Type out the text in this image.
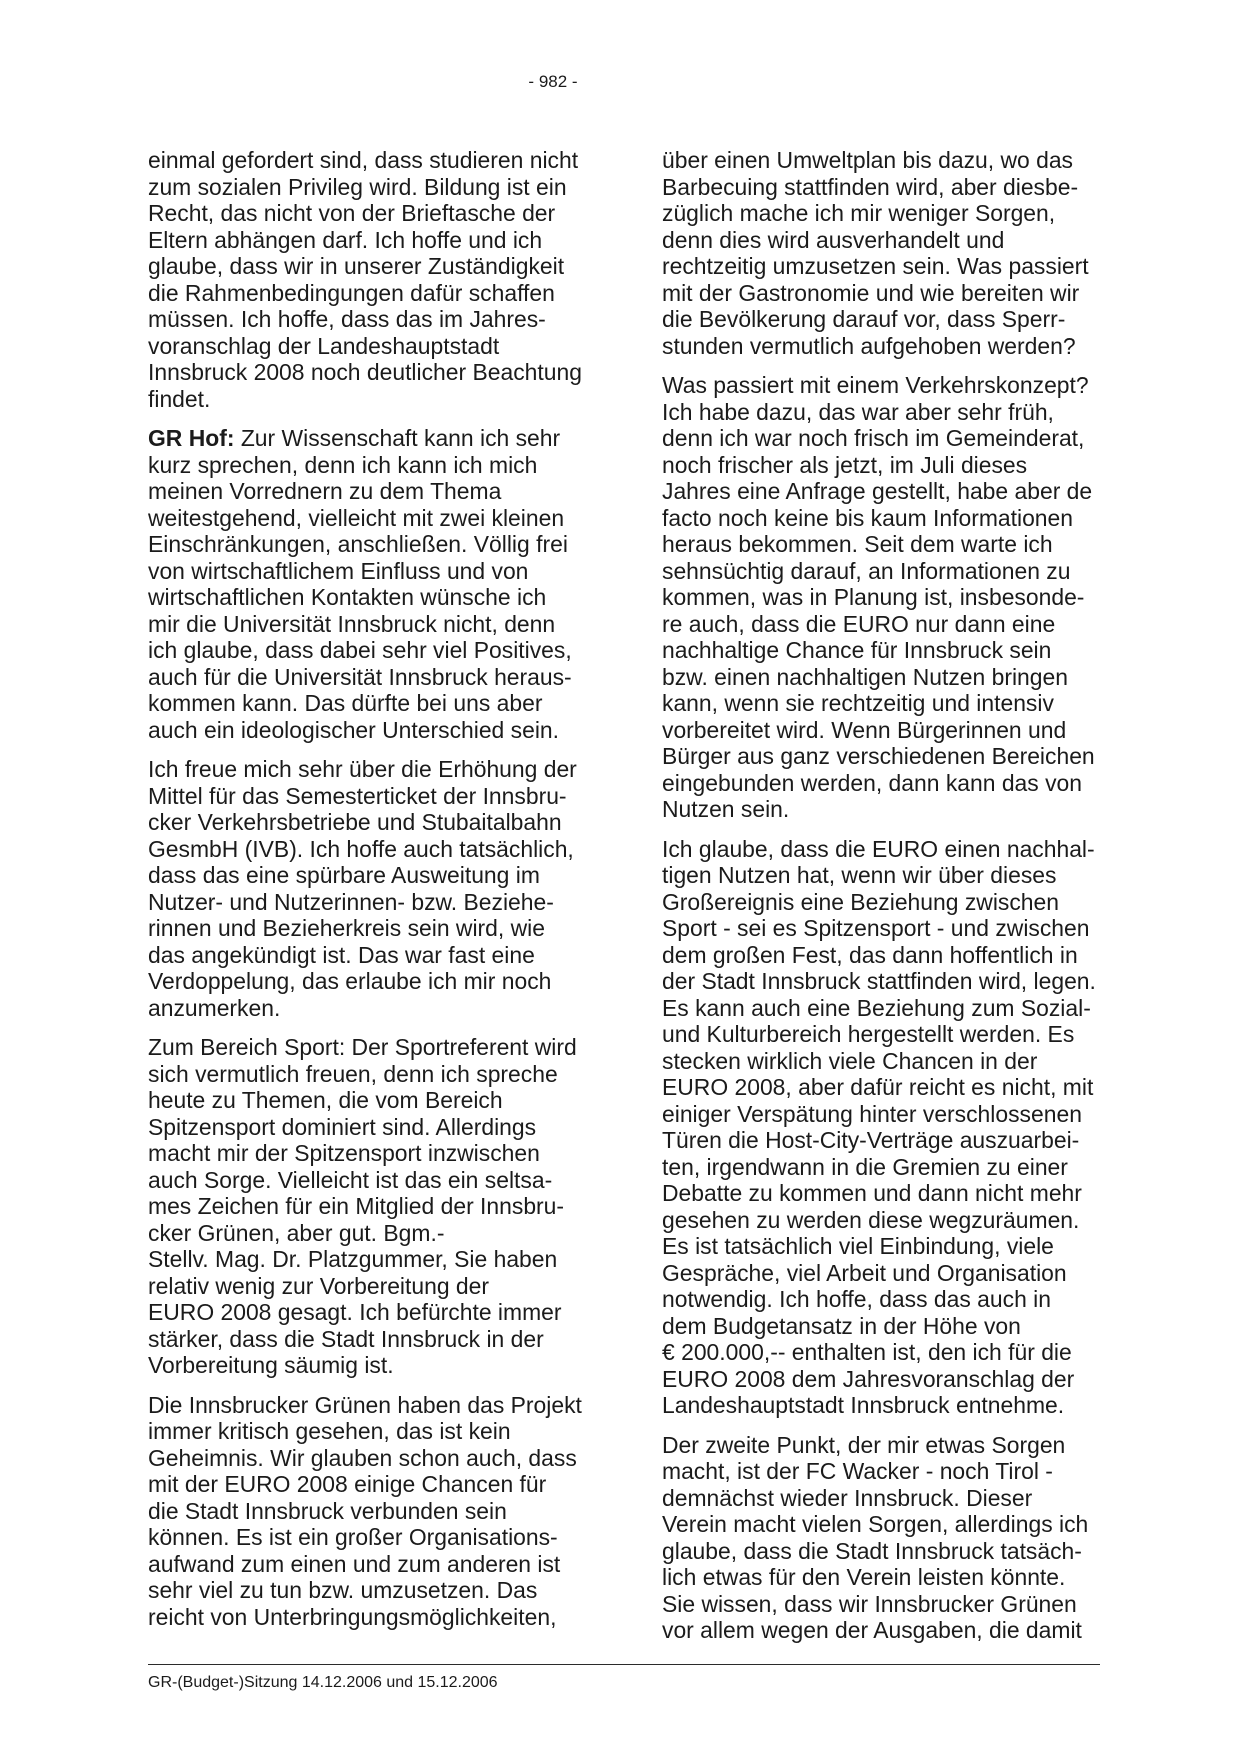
- 982 -
einmal gefordert sind, dass studieren nicht
zum sozialen Privileg wird. Bildung ist ein
Recht, das nicht von der Brieftasche der
Eltern abhängen darf. Ich hoffe und ich
glaube, dass wir in unserer Zuständigkeit
die Rahmenbedingungen dafür schaffen
müssen. Ich hoffe, dass das im Jahres-
voranschlag der Landeshauptstadt
Innsbruck 2008 noch deutlicher Beachtung
findet.
GR Hof: Zur Wissenschaft kann ich sehr
kurz sprechen, denn ich kann ich mich
meinen Vorrednern zu dem Thema
weitestgehend, vielleicht mit zwei kleinen
Einschränkungen, anschließen. Völlig frei
von wirtschaftlichem Einfluss und von
wirtschaftlichen Kontakten wünsche ich
mir die Universität Innsbruck nicht, denn
ich glaube, dass dabei sehr viel Positives,
auch für die Universität Innsbruck heraus-
kommen kann. Das dürfte bei uns aber
auch ein ideologischer Unterschied sein.
Ich freue mich sehr über die Erhöhung der
Mittel für das Semesterticket der Innsbru-
cker Verkehrsbetriebe und Stubaitalbahn
GesmbH (IVB). Ich hoffe auch tatsächlich,
dass das eine spürbare Ausweitung im
Nutzer- und Nutzerinnen- bzw. Beziehe-
rinnen und Bezieherkreis sein wird, wie
das angekündigt ist. Das war fast eine
Verdoppelung, das erlaube ich mir noch
anzumerken.
Zum Bereich Sport: Der Sportreferent wird
sich vermutlich freuen, denn ich spreche
heute zu Themen, die vom Bereich
Spitzensport dominiert sind. Allerdings
macht mir der Spitzensport inzwischen
auch Sorge. Vielleicht ist das ein seltsa-
mes Zeichen für ein Mitglied der Innsbru-
cker Grünen, aber gut. Bgm.-
Stellv. Mag. Dr. Platzgummer, Sie haben
relativ wenig zur Vorbereitung der
EURO 2008 gesagt. Ich befürchte immer
stärker, dass die Stadt Innsbruck in der
Vorbereitung säumig ist.
Die Innsbrucker Grünen haben das Projekt
immer kritisch gesehen, das ist kein
Geheimnis. Wir glauben schon auch, dass
mit der EURO 2008 einige Chancen für
die Stadt Innsbruck verbunden sein
können. Es ist ein großer Organisations-
aufwand zum einen und zum anderen ist
sehr viel zu tun bzw. umzusetzen. Das
reicht von Unterbringungsmöglichkeiten,
über einen Umweltplan bis dazu, wo das
Barbecuing stattfinden wird, aber diesbe-
züglich mache ich mir weniger Sorgen,
denn dies wird ausverhandelt und
rechtzeitig umzusetzen sein. Was passiert
mit der Gastronomie und wie bereiten wir
die Bevölkerung darauf vor, dass Sperr-
stunden vermutlich aufgehoben werden?
Was passiert mit einem Verkehrskonzept?
Ich habe dazu, das war aber sehr früh,
denn ich war noch frisch im Gemeinderat,
noch frischer als jetzt, im Juli dieses
Jahres eine Anfrage gestellt, habe aber de
facto noch keine bis kaum Informationen
heraus bekommen. Seit dem warte ich
sehnsüchtig darauf, an Informationen zu
kommen, was in Planung ist, insbesonde-
re auch, dass die EURO nur dann eine
nachhaltige Chance für Innsbruck sein
bzw. einen nachhaltigen Nutzen bringen
kann, wenn sie rechtzeitig und intensiv
vorbereitet wird. Wenn Bürgerinnen und
Bürger aus ganz verschiedenen Bereichen
eingebunden werden, dann kann das von
Nutzen sein.
Ich glaube, dass die EURO einen nachhal-
tigen Nutzen hat, wenn wir über dieses
Großereignis eine Beziehung zwischen
Sport - sei es Spitzensport - und zwischen
dem großen Fest, das dann hoffentlich in
der Stadt Innsbruck stattfinden wird, legen.
Es kann auch eine Beziehung zum Sozial-
und Kulturbereich hergestellt werden. Es
stecken wirklich viele Chancen in der
EURO 2008, aber dafür reicht es nicht, mit
einiger Verspätung hinter verschlossenen
Türen die Host-City-Verträge auszuarbei-
ten, irgendwann in die Gremien zu einer
Debatte zu kommen und dann nicht mehr
gesehen zu werden diese wegzuräumen.
Es ist tatsächlich viel Einbindung, viele
Gespräche, viel Arbeit und Organisation
notwendig. Ich hoffe, dass das auch in
dem Budgetansatz in der Höhe von
€ 200.000,-- enthalten ist, den ich für die
EURO 2008 dem Jahresvoranschlag der
Landeshauptstadt Innsbruck entnehme.
Der zweite Punkt, der mir etwas Sorgen
macht, ist der FC Wacker - noch Tirol -
demnächst wieder Innsbruck. Dieser
Verein macht vielen Sorgen, allerdings ich
glaube, dass die Stadt Innsbruck tatsäch-
lich etwas für den Verein leisten könnte.
Sie wissen, dass wir Innsbrucker Grünen
vor allem wegen der Ausgaben, die damit
GR-(Budget-)Sitzung 14.12.2006 und 15.12.2006
